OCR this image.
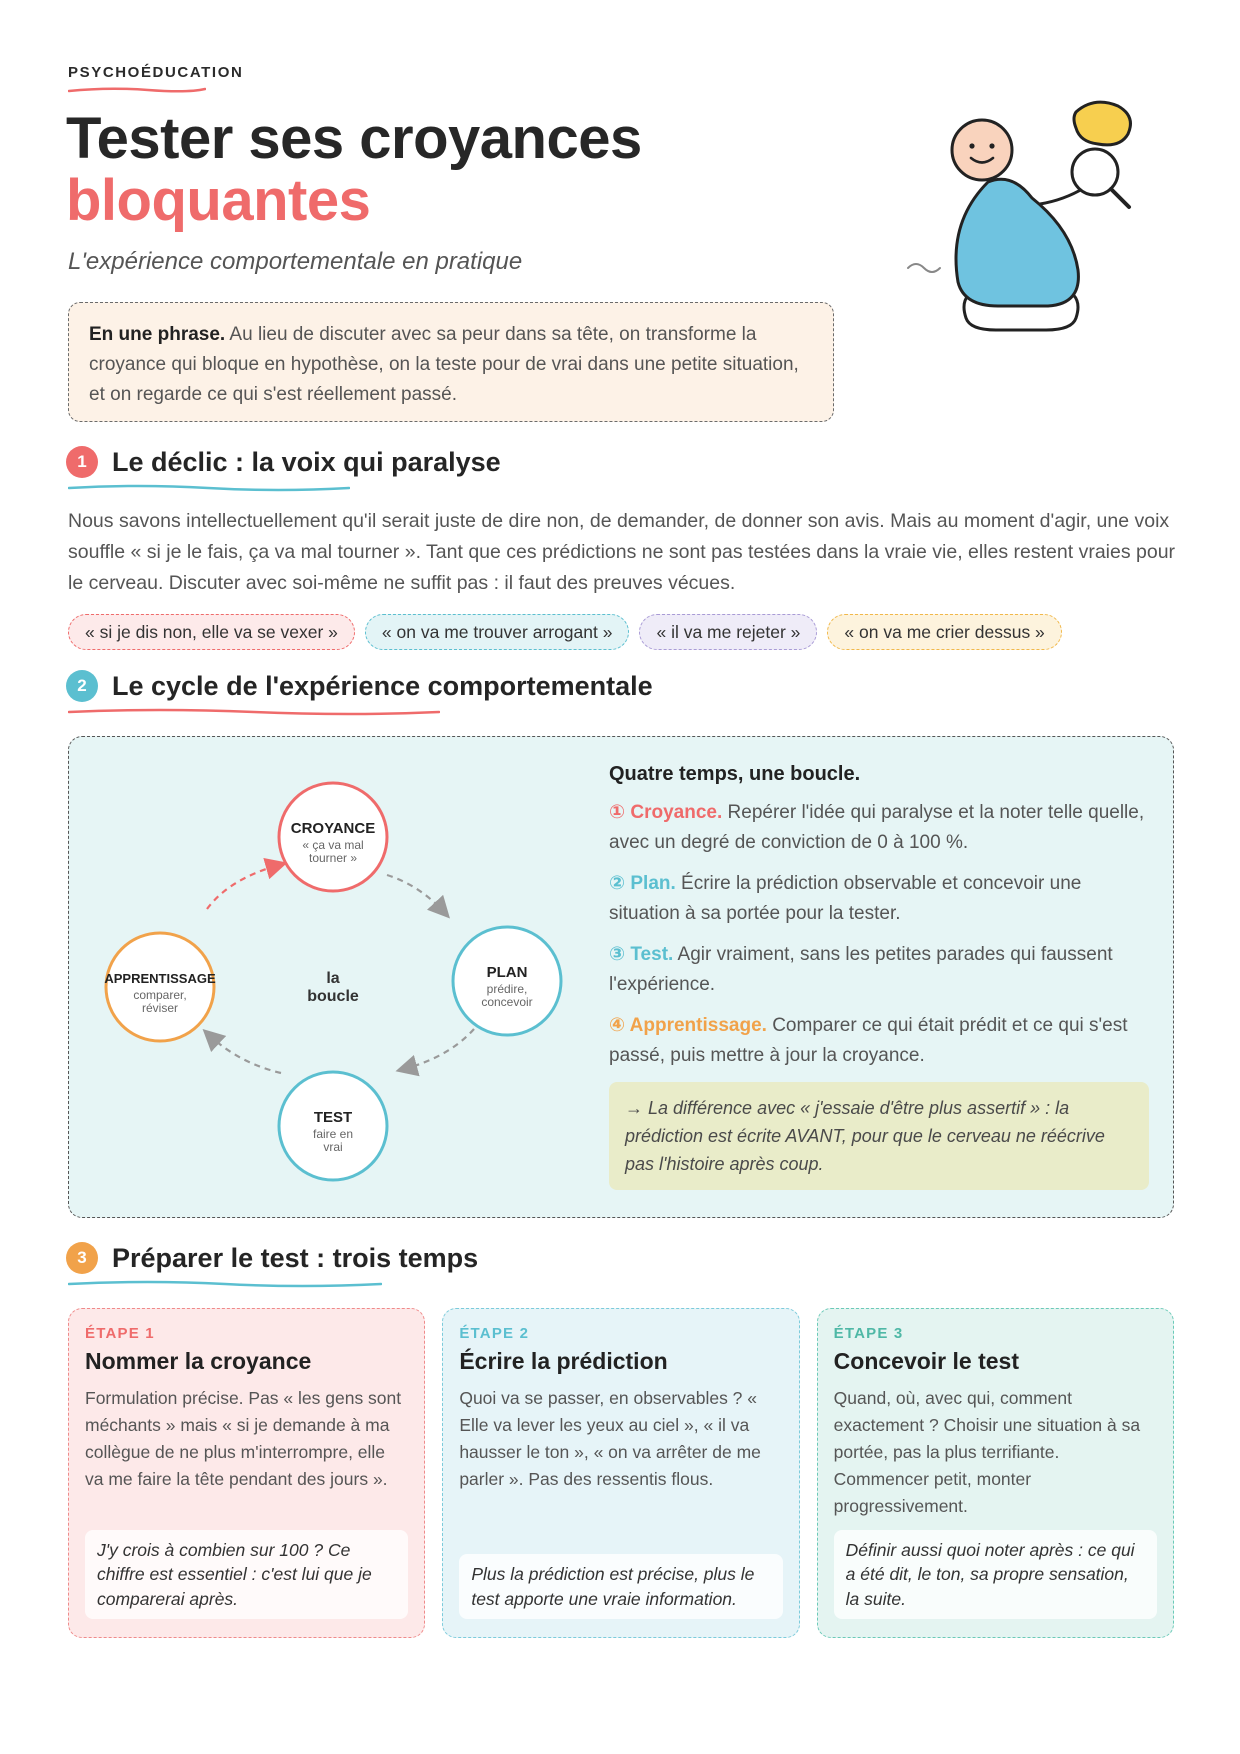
PSYCHOÉDUCATION
Tester ses croyances
bloquantes
L'expérience comportementale en pratique
En une phrase. Au lieu de discuter avec sa peur dans sa tête, on transforme la croyance qui bloque en hypothèse, on la teste pour de vrai dans une petite situation, et on regarde ce qui s'est réellement passé.
1 Le déclic : la voix qui paralyse

Nous savons intellectuellement qu'il serait juste de dire non, de demander, de donner son avis. Mais au moment d'agir, une voix souffle « si je le fais, ça va mal tourner ». Tant que ces prédictions ne sont pas testées dans la vraie vie, elles restent vraies pour le cerveau. Discuter avec soi-même ne suffit pas : il faut des preuves vécues.

« si je dis non, elle va se vexer »	« on va me trouver arrogant »	« il va me rejeter »	« on va me crier dessus »
2 Le cycle de l'expérience comportementale
CROYANCE
« ça va mal
tourner »
PLAN
prédire,
concevoir
TEST
faire en
vrai
APPRENTISSAGE
comparer,
réviser
la
boucle
Quatre temps, une boucle.

① Croyance. Repérer l'idée qui paralyse et la noter telle quelle, avec un degré de conviction de 0 à 100 %.

② Plan. Écrire la prédiction observable et concevoir une situation à sa portée pour la tester.

③ Test. Agir vraiment, sans les petites parades qui faussent l'expérience.

④ Apprentissage. Comparer ce qui était prédit et ce qui s'est passé, puis mettre à jour la croyance.

→ La différence avec « j'essaie d'être plus assertif » : la prédiction est écrite AVANT, pour que le cerveau ne réécrive pas l'histoire après coup.
3 Préparer le test : trois temps
ÉTAPE 1
Nommer la croyance
Formulation précise. Pas « les gens sont méchants » mais « si je demande à ma collègue de ne plus m'interrompre, elle va me faire la tête pendant des jours ».
J'y crois à combien sur 100 ? Ce chiffre est essentiel : c'est lui que je comparerai après.
ÉTAPE 2
Écrire la prédiction
Quoi va se passer, en observables ? « Elle va lever les yeux au ciel », « il va hausser le ton », « on va arrêter de me parler ». Pas des ressentis flous.
Plus la prédiction est précise, plus le test apporte une vraie information.
ÉTAPE 3
Concevoir le test
Quand, où, avec qui, comment exactement ? Choisir une situation à sa portée, pas la plus terrifiante. Commencer petit, monter progressivement.
Définir aussi quoi noter après : ce qui a été dit, le ton, sa propre sensation, la suite.
